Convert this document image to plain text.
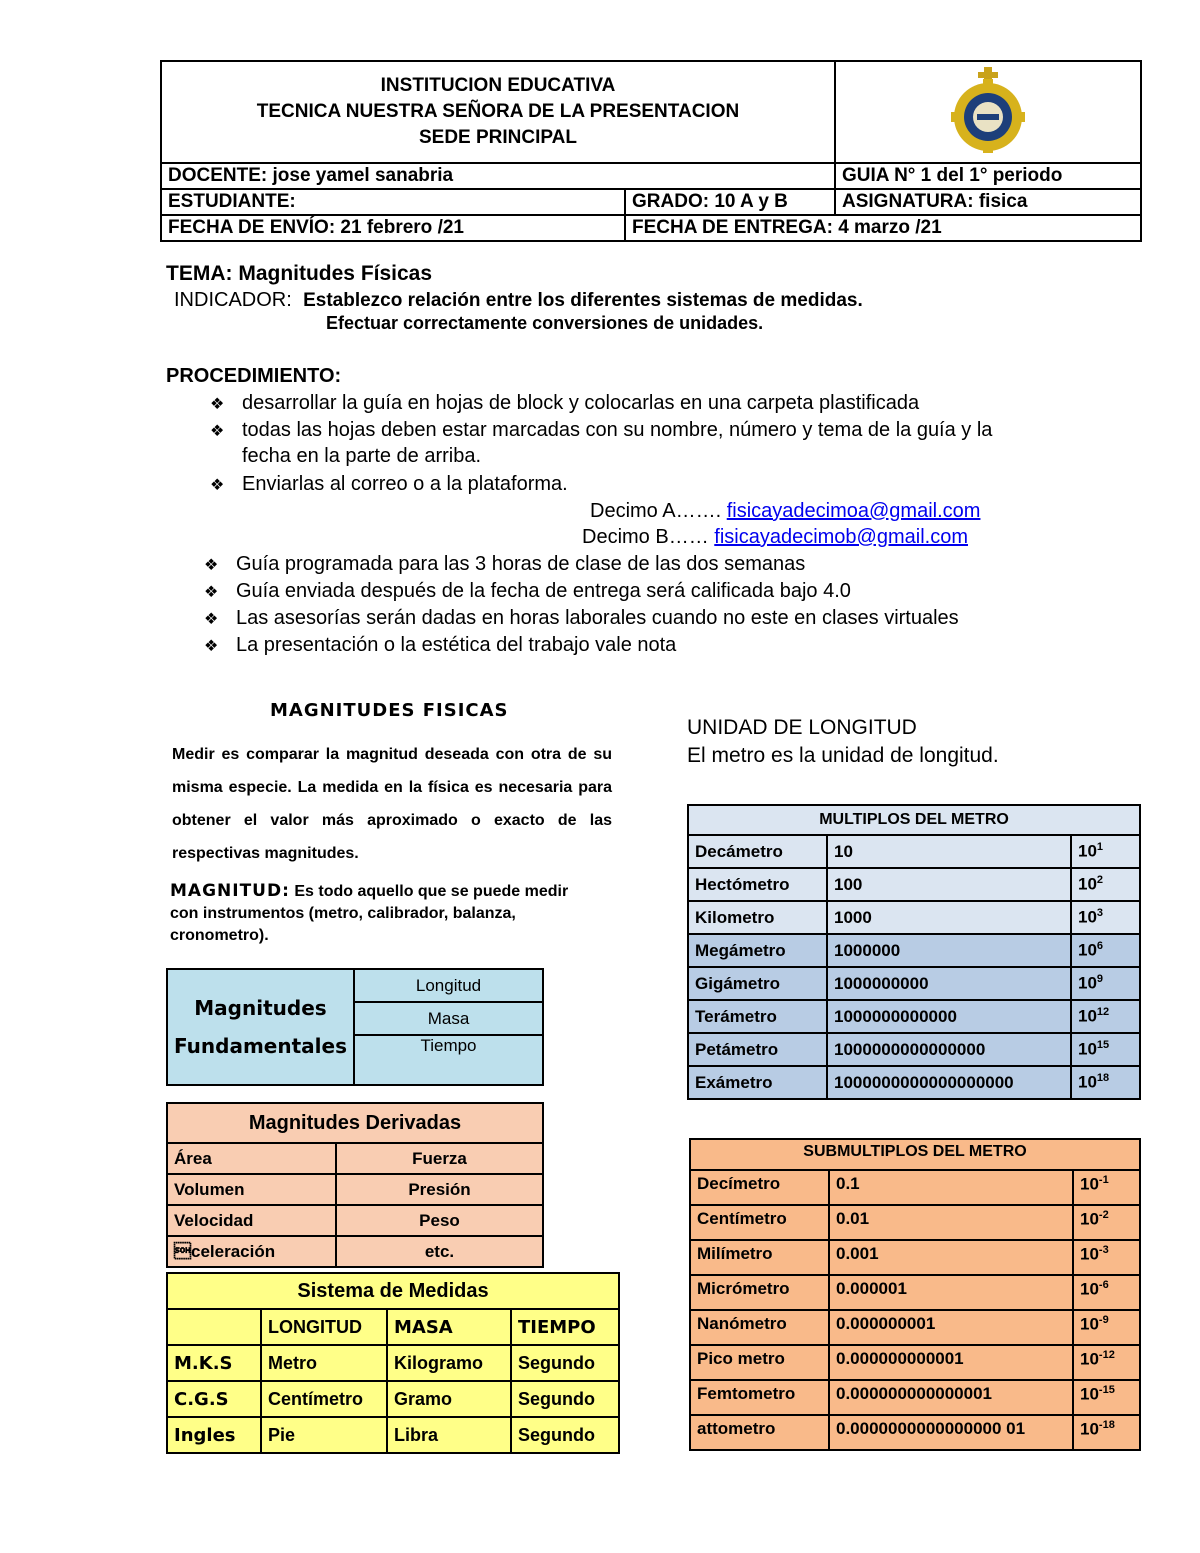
INSTITUCION EDUCATIVA
TECNICA NUESTRA SEÑORA DE LA PRESENTACION
SEDE PRINCIPAL

DOCENTE: jose yamel sanabria		GUIA N° 1 del 1° periodo
ESTUDIANTE:	GRADO: 10 A y B	ASIGNATURA: fisica
FECHA DE ENVÍO: 21 febrero /21	FECHA DE ENTREGA: 4 marzo /21	
TEMA: Magnitudes Físicas
INDICADOR: Establezco relación entre los diferentes sistemas de medidas.
Efectuar correctamente conversiones de unidades.
PROCEDIMIENTO:
desarrollar la guía en hojas de block y colocarlas en una carpeta plastificada
todas las hojas deben estar marcadas con su nombre, número y tema de la guía y la
fecha en la parte de arriba.
Enviarlas al correo o a la plataforma.
Decimo A……. fisicayadecimoa@gmail.com
Decimo B…… fisicayadecimob@gmail.com
Guía programada para las 3 horas de clase de las dos semanas
Guía enviada después de la fecha de entrega será calificada bajo 4.0
Las asesorías serán dadas en horas laborales cuando no este en clases virtuales
La presentación o la estética del trabajo vale nota
❖
❖
❖
❖
❖
❖
❖
MAGNITUDES FISICAS
Medir es comparar la magnitud deseada con otra de su misma especie. La medida en la física es necesaria para obtener el valor más aproximado o exacto de las respectivas magnitudes.
MAGNITUD: Es todo aquello que se puede medir con instrumentos (metro, calibrador, balanza, cronometro).
UNIDAD DE LONGITUD
El metro es la unidad de longitud.
Magnitudes
Fundamentales
	Longitud
Masa
Tiempo
Magnitudes Derivadas	
Área	Fuerza
Volumen	Presión
Velocidad	Peso
celeración	etc.
Sistema de Medidas			
	LONGITUD	MASA	TIEMPO
M.K.S	Metro	Kilogramo	Segundo
C.G.S	Centímetro	Gramo	Segundo
Ingles	Pie	Libra	Segundo
MULTIPLOS DEL METRO		
Decámetro	10	$10^1$
Hectómetro	100	$10^2$
Kilometro	1000	$10^3$
Megámetro	1000000	$10^6$
Gigámetro	1000000000	$10^9$
Terámetro	1000000000000	$10^{12}$
Petámetro	1000000000000000	$10^{15}$
Exámetro	1000000000000000000	$10^{18}$
SUBMULTIPLOS DEL METRO		
Decímetro	0.1	$10^{-1}$
Centímetro	0.01	$10^{-2}$
Milímetro	0.001	$10^{-3}$
Micrómetro	0.000001	$10^{-6}$
Nanómetro	0.000000001	$10^{-9}$
Pico metro	0.000000000001	$10^{-12}$
Femtometro	0.000000000000001	$10^{-15}$
attometro	0.0000000000000000 01	$10^{-18}$
